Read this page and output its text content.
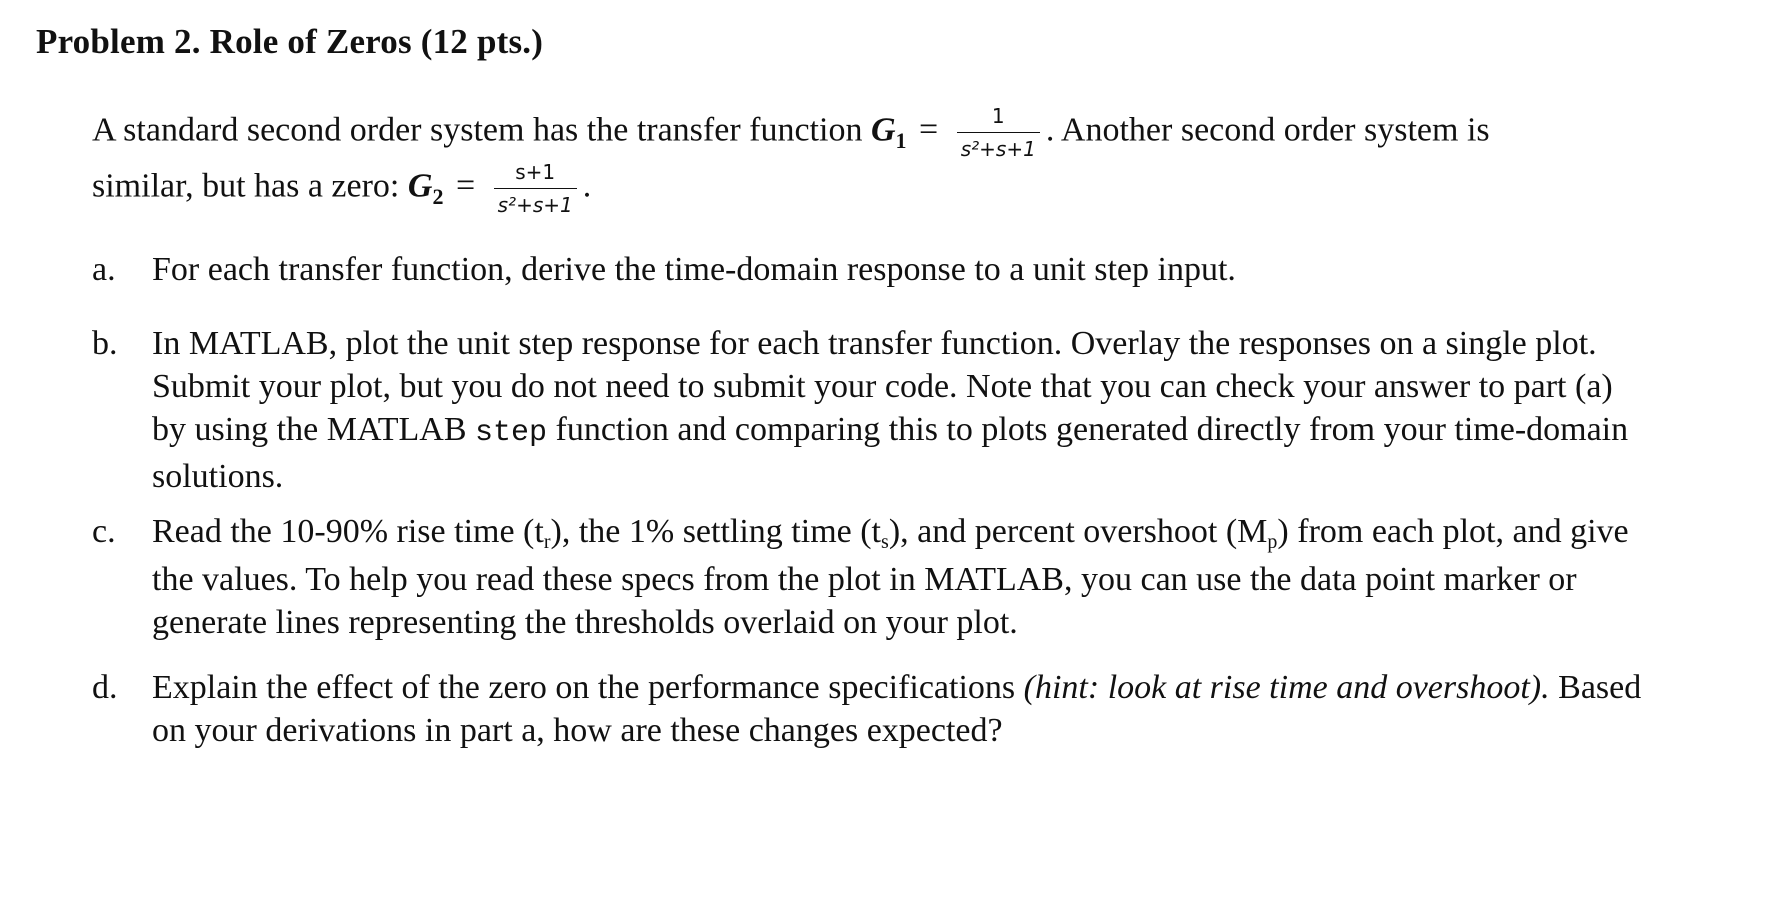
Problem 2. Role of Zeros (12 pts.)
A standard second order system has the transfer function $G_1 = \frac{1}{\text{s²+s+1}}$ . Another second order system is
similar, but has a zero: $G_2 = \frac{s+1}{\text{s²+s+1}}$ .
a. For each transfer function, derive the time-domain response to a unit step input.
b. In MATLAB, plot the unit step response for each transfer function. Overlay the responses on a single plot. Submit your plot, but you do not need to submit your code. Note that you can check your answer to part (a) by using the MATLAB step function and comparing this to plots generated directly from your time-domain solutions.
c. Read the 10-90% rise time (tr), the 1% settling time (ts), and percent overshoot (Mp) from each plot, and give the values. To help you read these specs from the plot in MATLAB, you can use the data point marker or generate lines representing the thresholds overlaid on your plot.
d. Explain the effect of the zero on the performance specifications (hint: look at rise time and overshoot). Based on your derivations in part a, how are these changes expected?
